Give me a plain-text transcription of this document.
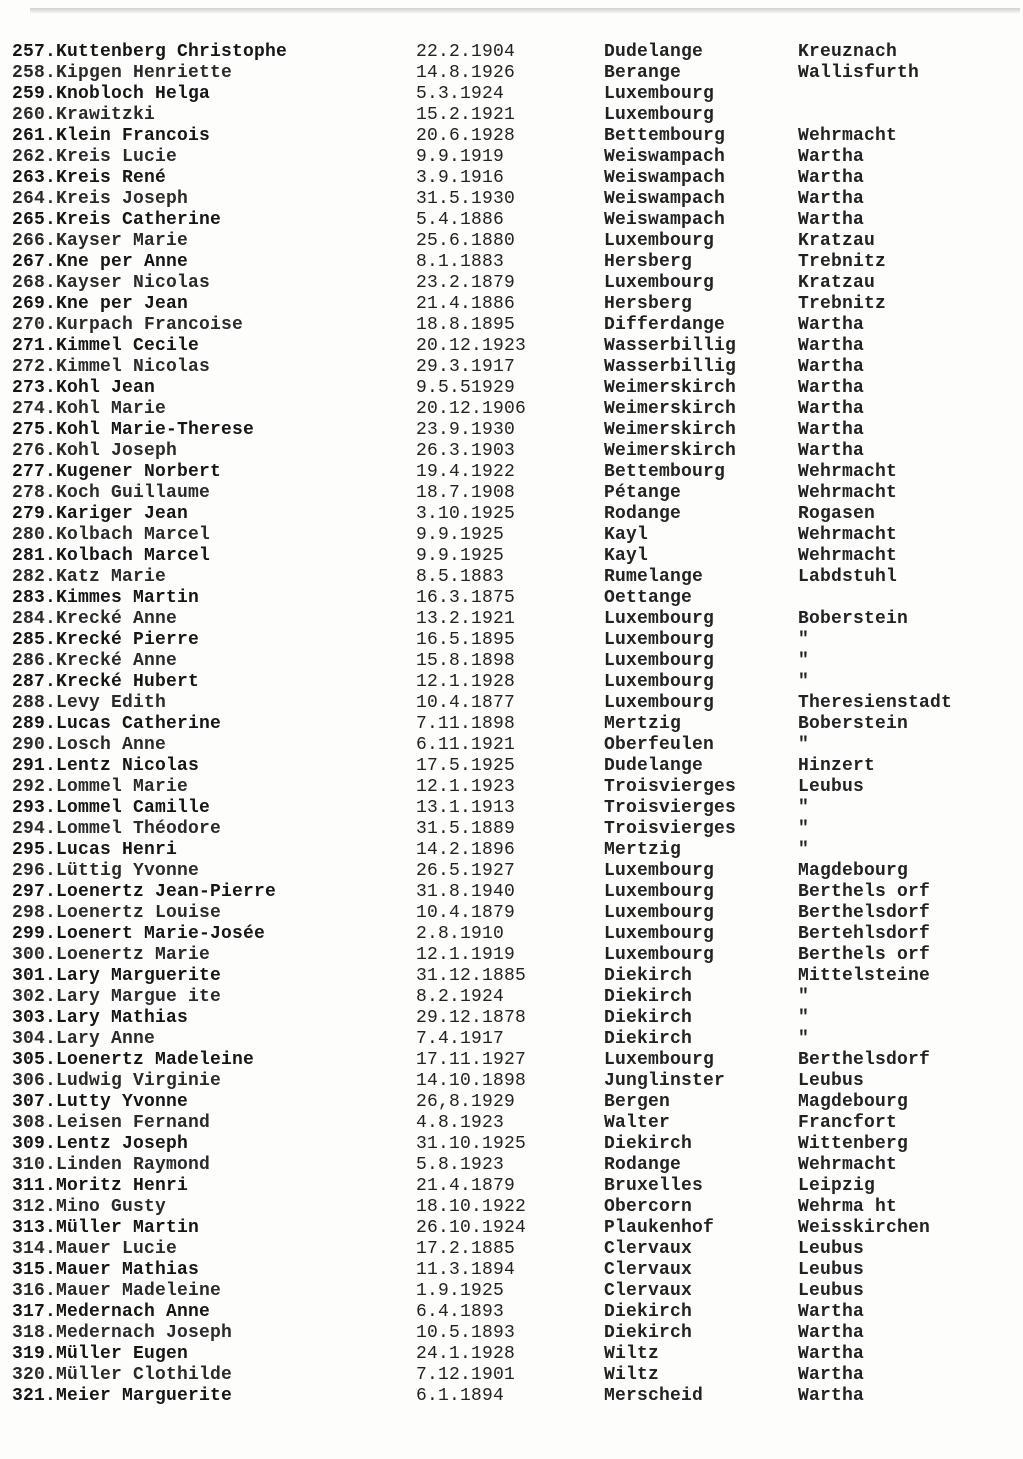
257.Kuttenberg Christophe
258.Kipgen Henriette
259.Knobloch Helga
260.Krawitzki
261.Klein Francois
262.Kreis Lucie
263.Kreis René
264.Kreis Joseph
265.Kreis Catherine
266.Kayser Marie
267.Kne per Anne
268.Kayser Nicolas
269.Kne per Jean
270.Kurpach Francoise
271.Kimmel Cecile
272.Kimmel Nicolas
273.Kohl Jean
274.Kohl Marie
275.Kohl Marie-Therese
276.Kohl Joseph
277.Kugener Norbert
278.Koch Guillaume
279.Kariger Jean
280.Kolbach Marcel
281.Kolbach Marcel
282.Katz Marie
283.Kimmes Martin
284.Krecké Anne
285.Krecké Pierre
286.Krecké Anne
287.Krecké Hubert
288.Levy Edith
289.Lucas Catherine
290.Losch Anne
291.Lentz Nicolas
292.Lommel Marie
293.Lommel Camille
294.Lommel Théodore
295.Lucas Henri
296.Lüttig Yvonne
297.Loenertz Jean-Pierre
298.Loenertz Louise
299.Loenert Marie-Josée
300.Loenertz Marie
301.Lary Marguerite
302.Lary Margue ite
303.Lary Mathias
304.Lary Anne
305.Loenertz Madeleine
306.Ludwig Virginie
307.Lutty Yvonne
308.Leisen Fernand
309.Lentz Joseph
310.Linden Raymond
311.Moritz Henri
312.Mino Gusty
313.Müller Martin
314.Mauer Lucie
315.Mauer Mathias
316.Mauer Madeleine
317.Medernach Anne
318.Medernach Joseph
319.Müller Eugen
320.Müller Clothilde
321.Meier Marguerite
22.2.1904
14.8.1926
5.3.1924
15.2.1921
20.6.1928
9.9.1919
3.9.1916
31.5.1930
5.4.1886
25.6.1880
8.1.1883
23.2.1879
21.4.1886
18.8.1895
20.12.1923
29.3.1917
9.5.51929
20.12.1906
23.9.1930
26.3.1903
19.4.1922
18.7.1908
3.10.1925
9.9.1925
9.9.1925
8.5.1883
16.3.1875
13.2.1921
16.5.1895
15.8.1898
12.1.1928
10.4.1877
7.11.1898
6.11.1921
17.5.1925
12.1.1923
13.1.1913
31.5.1889
14.2.1896
26.5.1927
31.8.1940
10.4.1879
2.8.1910
12.1.1919
31.12.1885
8.2.1924
29.12.1878
7.4.1917
17.11.1927
14.10.1898
26,8.1929
4.8.1923
31.10.1925
5.8.1923
21.4.1879
18.10.1922
26.10.1924
17.2.1885
11.3.1894
1.9.1925
6.4.1893
10.5.1893
24.1.1928
7.12.1901
6.1.1894
Dudelange
Berange
Luxembourg
Luxembourg
Bettembourg
Weiswampach
Weiswampach
Weiswampach
Weiswampach
Luxembourg
Hersberg
Luxembourg
Hersberg
Differdange
Wasserbillig
Wasserbillig
Weimerskirch
Weimerskirch
Weimerskirch
Weimerskirch
Bettembourg
Pétange
Rodange
Kayl
Kayl
Rumelange
Oettange
Luxembourg
Luxembourg
Luxembourg
Luxembourg
Luxembourg
Mertzig
Oberfeulen
Dudelange
Troisvierges
Troisvierges
Troisvierges
Mertzig
Luxembourg
Luxembourg
Luxembourg
Luxembourg
Luxembourg
Diekirch
Diekirch
Diekirch
Diekirch
Luxembourg
Junglinster
Bergen
Walter
Diekirch
Rodange
Bruxelles
Obercorn
Plaukenhof
Clervaux
Clervaux
Clervaux
Diekirch
Diekirch
Wiltz
Wiltz
Merscheid
Kreuznach
Wallisfurth
Wehrmacht
Wartha
Wartha
Wartha
Wartha
Kratzau
Trebnitz
Kratzau
Trebnitz
Wartha
Wartha
Wartha
Wartha
Wartha
Wartha
Wartha
Wehrmacht
Wehrmacht
Rogasen
Wehrmacht
Wehrmacht
Labdstuhl
Boberstein
"
"
"
Theresienstadt
Boberstein
"
Hinzert
Leubus
"
"
"
Magdebourg
Berthels orf
Berthelsdorf
Bertehlsdorf
Berthels orf
Mittelsteine
"
"
"
Berthelsdorf
Leubus
Magdebourg
Francfort
Wittenberg
Wehrmacht
Leipzig
Wehrma ht
Weisskirchen
Leubus
Leubus
Leubus
Wartha
Wartha
Wartha
Wartha
Wartha
